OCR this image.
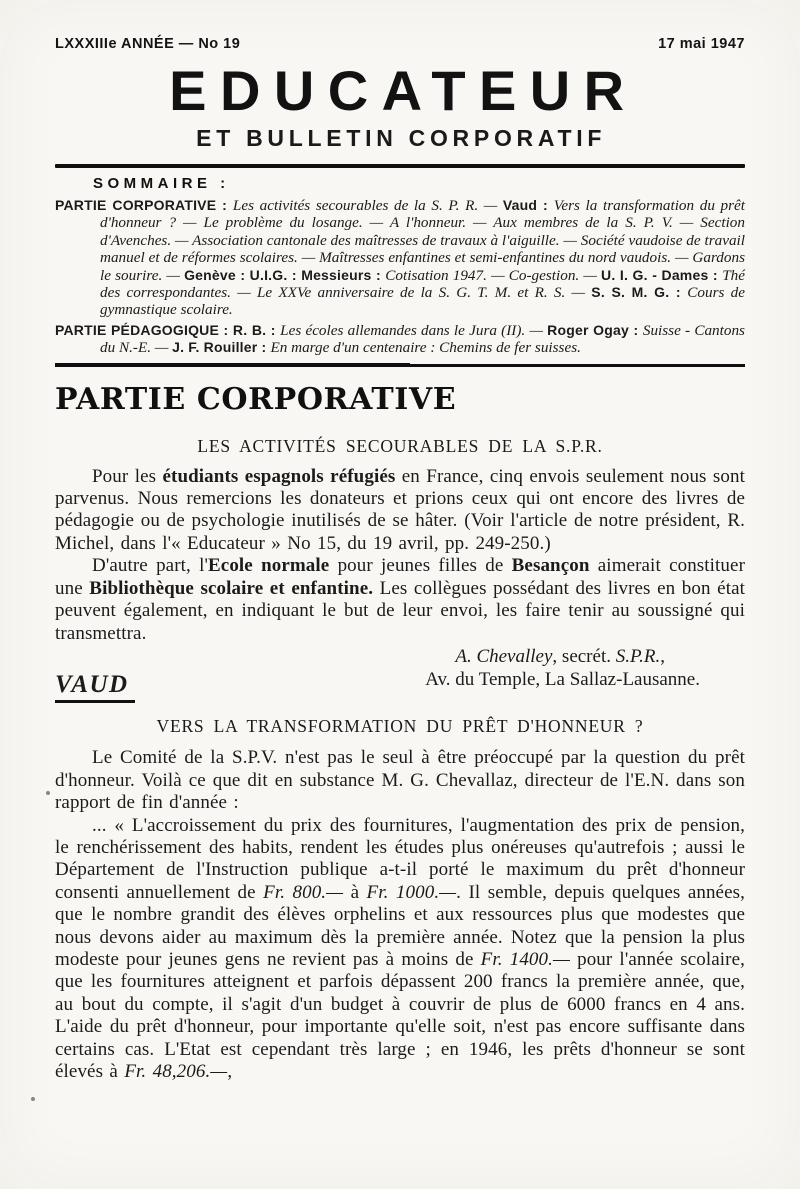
LXXXIIIe ANNÉE — No 19	17 mai 1947
EDUCATEUR
ET BULLETIN CORPORATIF
SOMMAIRE :

PARTIE CORPORATIVE : Les activités secourables de la S. P. R. — Vaud : Vers la transformation du prêt d'honneur ? — Le problème du losange. — A l'honneur. — Aux membres de la S. P. V. — Section d'Avenches. — Association cantonale des maîtresses de travaux à l'aiguille. — Société vaudoise de travail manuel et de réformes scolaires. — Maîtresses enfantines et semi-enfantines du nord vaudois. — Gardons le sourire. — Genève : U.I.G. : Messieurs : Cotisation 1947. — Co-gestion. — U. I. G. - Dames : Thé des correspondantes. — Le XXVe anniversaire de la S. G. T. M. et R. S. — S. S. M. G. : Cours de gymnastique scolaire.

PARTIE PÉDAGOGIQUE : R. B. : Les écoles allemandes dans le Jura (II). — Roger Ogay : Suisse - Cantons du N.-E. — J. F. Rouiller : En marge d'un centenaire : Chemins de fer suisses.

PARTIE CORPORATIVE
LES ACTIVITÉS SECOURABLES DE LA S.P.R.

Pour les étudiants espagnols réfugiés en France, cinq envois seulement nous sont parvenus. Nous remercions les donateurs et prions ceux qui ont encore des livres de pédagogie ou de psychologie inutilisés de se hâter. (Voir l'article de notre président, R. Michel, dans l'« Educateur » No 15, du 19 avril, pp. 249-250.)

D'autre part, l'Ecole normale pour jeunes filles de Besançon aimerait constituer une Bibliothèque scolaire et enfantine. Les collègues possédant des livres en bon état peuvent également, en indiquant le but de leur envoi, les faire tenir au soussigné qui transmettra.

A. Chevalley, secrét. S.P.R.,
VAUD	Av. du Temple, La Sallaz-Lausanne.
VERS LA TRANSFORMATION DU PRÊT D'HONNEUR ?

Le Comité de la S.P.V. n'est pas le seul à être préoccupé par la question du prêt d'honneur. Voilà ce que dit en substance M. G. Chevallaz, directeur de l'E.N. dans son rapport de fin d'année :

... « L'accroissement du prix des fournitures, l'augmentation des prix de pension, le renchérissement des habits, rendent les études plus onéreuses qu'autrefois ; aussi le Département de l'Instruction publique a-t-il porté le maximum du prêt d'honneur consenti annuellement de Fr. 800.— à Fr. 1000.—. Il semble, depuis quelques années, que le nombre grandit des élèves orphelins et aux ressources plus que modestes que nous devons aider au maximum dès la première année. Notez que la pension la plus modeste pour jeunes gens ne revient pas à moins de Fr. 1400.— pour l'année scolaire, que les fournitures atteignent et parfois dépassent 200 francs la première année, que, au bout du compte, il s'agit d'un budget à couvrir de plus de 6000 francs en 4 ans. L'aide du prêt d'honneur, pour importante qu'elle soit, n'est pas encore suffisante dans certains cas. L'Etat est cependant très large ; en 1946, les prêts d'honneur se sont élevés à Fr. 48,206.—,
